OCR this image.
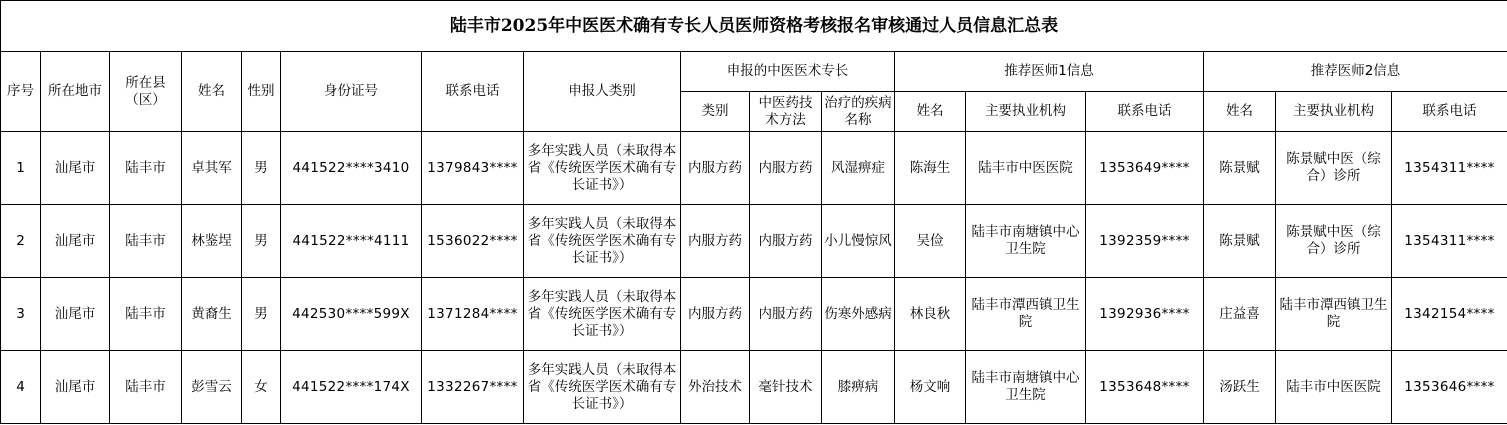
陆丰市2025年中医医术确有专长人员医师资格考核报名审核通过人员信息汇总表																
序号	所在地市	所在县（区）	姓名	性别	身份证号	联系电话	申报人类别	申报的中医医术专长			推荐医师1信息			推荐医师2信息		
								类别	中医药技术方法	治疗的疾病名称	姓名	主要执业机构	联系电话	姓名	主要执业机构	联系电话
1	汕尾市	陆丰市	卓其军	男	441522****3410	1379843****	多年实践人员（未取得本省《传统医学医术确有专长证书》）	内服方药	内服方药	风湿痹症	陈海生	陆丰市中医医院	1353649****	陈景赋	陈景赋中医（综合）诊所	1354311****
2	汕尾市	陆丰市	林鉴埕	男	441522****4111	1536022****	多年实践人员（未取得本省《传统医学医术确有专长证书》）	内服方药	内服方药	小儿慢惊风	吴俭	陆丰市南塘镇中心卫生院	1392359****	陈景赋	陈景赋中医（综合）诊所	1354311****
3	汕尾市	陆丰市	黄裔生	男	442530****599X	1371284****	多年实践人员（未取得本省《传统医学医术确有专长证书》）	内服方药	内服方药	伤寒外感病	林良秋	陆丰市潭西镇卫生院	1392936****	庄益喜	陆丰市潭西镇卫生院	1342154****
4	汕尾市	陆丰市	彭雪云	女	441522****174X	1332267****	多年实践人员（未取得本省《传统医学医术确有专长证书》）	外治技术	毫针技术	膝痹病	杨文响	陆丰市南塘镇中心卫生院	1353648****	汤跃生	陆丰市中医医院	1353646****
